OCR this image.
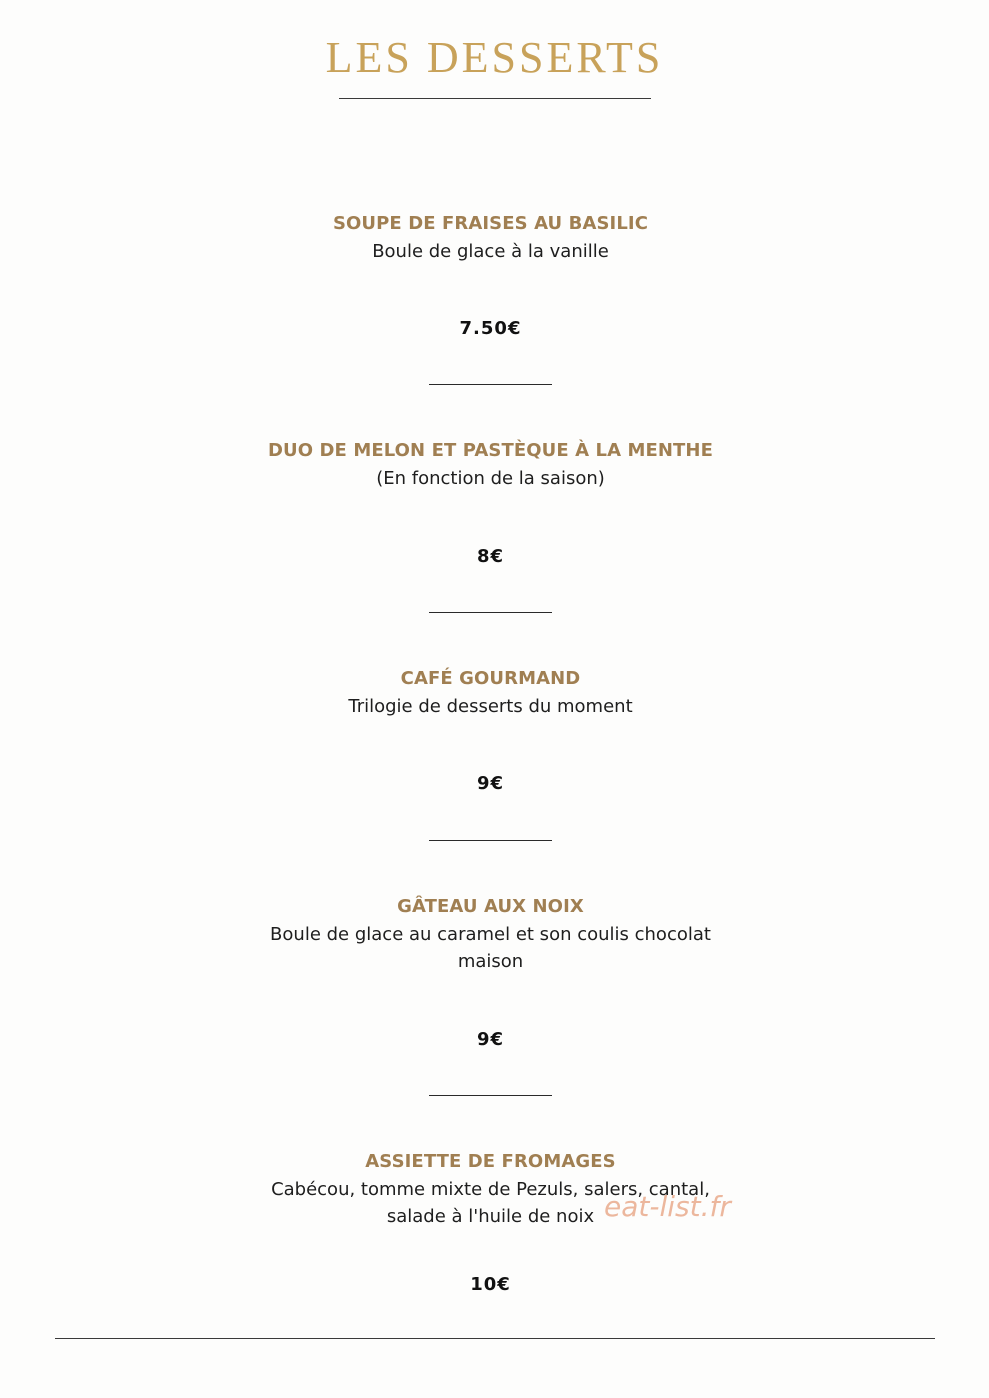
LES DESSERTS
SOUPE DE FRAISES AU BASILIC
Boule de glace à la vanille
7.50€
DUO DE MELON ET PASTÈQUE À LA MENTHE
(En fonction de la saison)
8€
CAFÉ GOURMAND
Trilogie de desserts du moment
9€
GÂTEAU AUX NOIX
Boule de glace au caramel et son coulis chocolat maison
9€
ASSIETTE DE FROMAGES
Cabécou, tomme mixte de Pezuls, salers, cantal, salade à l'huile de noix
10€
eat-list.fr
